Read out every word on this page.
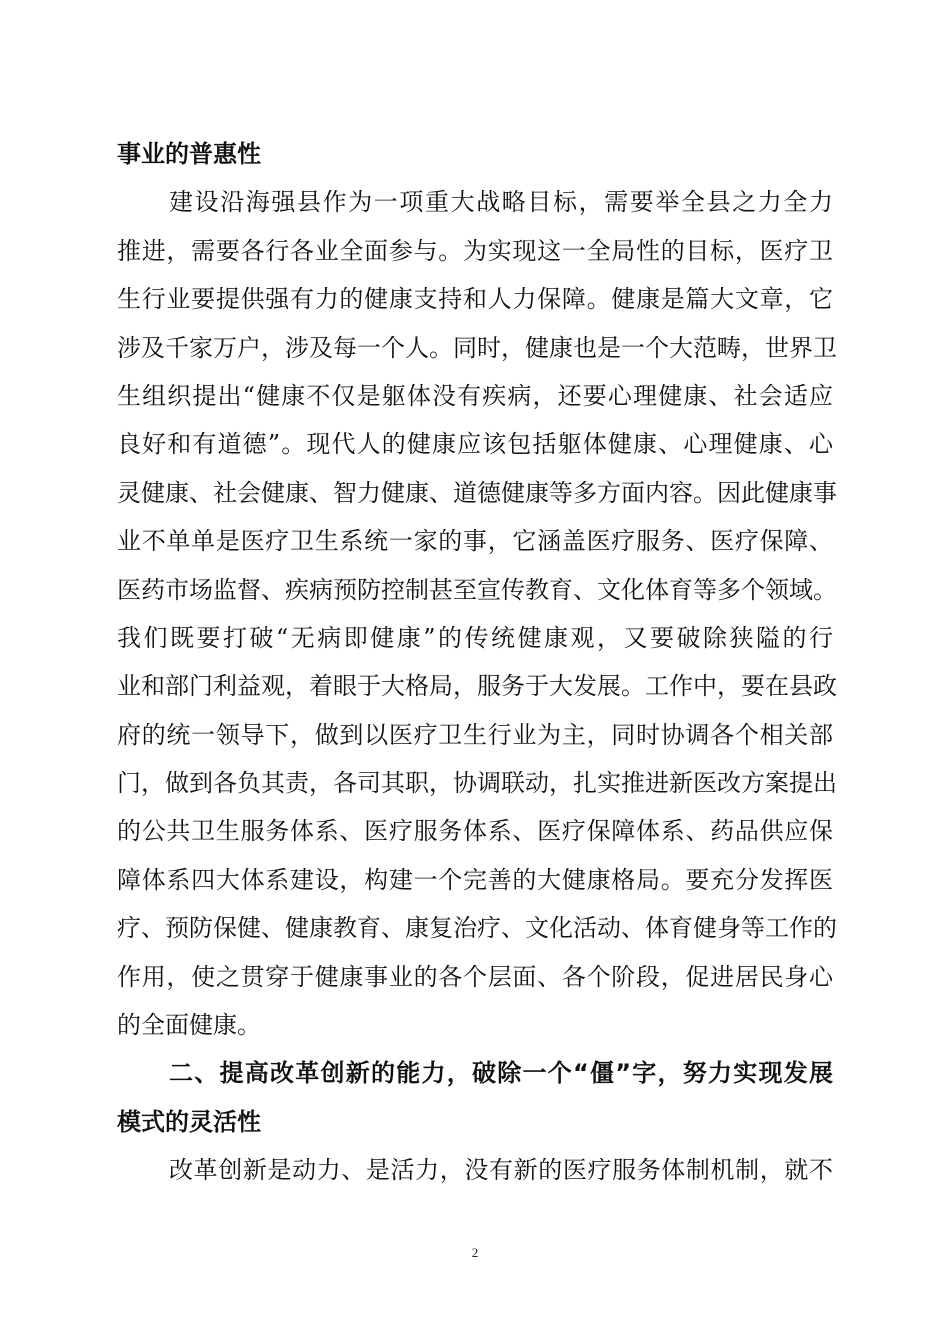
事业的普惠性
建设沿海强县作为一项重大战略目标，需要举全县之力全力
推进，需要各行各业全面参与。为实现这一全局性的目标，医疗卫
生行业要提供强有力的健康支持和人力保障。健康是篇大文章，它
涉及千家万户，涉及每一个人。同时，健康也是一个大范畴，世界卫
生组织提出“健康不仅是躯体没有疾病，还要心理健康、社会适应
良好和有道德”。现代人的健康应该包括躯体健康、心理健康、心
灵健康、社会健康、智力健康、道德健康等多方面内容。因此健康事
业不单单是医疗卫生系统一家的事，它涵盖医疗服务、医疗保障、
医药市场监督、疾病预防控制甚至宣传教育、文化体育等多个领域。
我们既要打破“无病即健康”的传统健康观，又要破除狭隘的行
业和部门利益观，着眼于大格局，服务于大发展。工作中，要在县政
府的统一领导下，做到以医疗卫生行业为主，同时协调各个相关部
门，做到各负其责，各司其职，协调联动，扎实推进新医改方案提出
的公共卫生服务体系、医疗服务体系、医疗保障体系、药品供应保
障体系四大体系建设，构建一个完善的大健康格局。要充分发挥医
疗、预防保健、健康教育、康复治疗、文化活动、体育健身等工作的
作用，使之贯穿于健康事业的各个层面、各个阶段，促进居民身心
的全面健康。
二、提高改革创新的能力，破除一个“僵”字，努力实现发展
模式的灵活性
改革创新是动力、是活力，没有新的医疗服务体制机制，就不
2
